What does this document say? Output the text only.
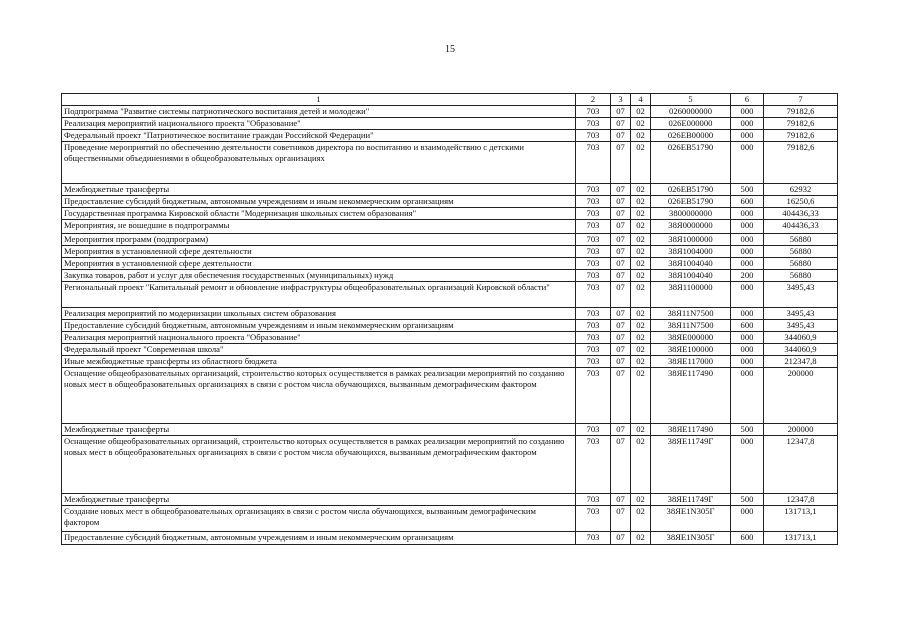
15
1	2	3	4	5	6	7
Подпрограмма "Развитие системы патриотического воспитания детей и молодежи"	703	07	02	0260000000	000	79182,6
Реализация мероприятий национального проекта "Образование"	703	07	02	026E000000	000	79182,6
Федеральный проект "Патриотическое воспитание граждан Российской Федерации"	703	07	02	026EB00000	000	79182,6
Проведение мероприятий по обеспечению деятельности советников директора по воспитанию и взаимодействию с детскими общественными объединениями в общеобразовательных организациях	703	07	02	026EB51790	000	79182,6
Межбюджетные трансферты	703	07	02	026EB51790	500	62932
Предоставление субсидий бюджетным, автономным учреждениям и иным некоммерческим организациям	703	07	02	026EB51790	600	16250,6
Государственная программа Кировской области "Модернизация школьных систем образования"	703	07	02	3800000000	000	404436,33
Мероприятия, не вошедшие в подпрограммы	703	07	02	38Я0000000	000	404436,33
Мероприятия программ (подпрограмм)	703	07	02	38Я1000000	000	56880
Мероприятия в установленной сфере деятельности	703	07	02	38Я1004000	000	56880
Мероприятия в установленной сфере деятельности	703	07	02	38Я1004040	000	56880
Закупка товаров, работ и услуг для обеспечения государственных (муниципальных) нужд	703	07	02	38Я1004040	200	56880
Региональный проект "Капитальный ремонт и обновление инфраструктуры общеобразовательных организаций Кировской области"	703	07	02	38Я1100000	000	3495,43
Реализация мероприятий по модернизации школьных систем образования	703	07	02	38Я11N7500	000	3495,43
Предоставление субсидий бюджетным, автономным учреждениям и иным некоммерческим организациям	703	07	02	38Я11N7500	600	3495,43
Реализация мероприятий национального проекта "Образование"	703	07	02	38ЯE000000	000	344060,9
Федеральный проект "Современная школа"	703	07	02	38ЯE100000	000	344060,9
Иные межбюджетные трансферты из областного бюджета	703	07	02	38ЯE117000	000	212347,8
Оснащение общеобразовательных организаций, строительство которых осуществляется в рамках реализации мероприятий по созданию новых мест в общеобразовательных организациях в связи с ростом числа обучающихся, вызванным демографическим фактором	703	07	02	38ЯE117490	000	200000
Межбюджетные трансферты	703	07	02	38ЯE117490	500	200000
Оснащение общеобразовательных организаций, строительство которых осуществляется в рамках реализации мероприятий по созданию новых мест в общеобразовательных организациях в связи с ростом числа обучающихся, вызванным демографическим фактором	703	07	02	38ЯE11749Г	000	12347,8
Межбюджетные трансферты	703	07	02	38ЯE11749Г	500	12347,8
Создание новых мест в общеобразовательных организациях в связи с ростом числа обучающихся, вызванным демографическим фактором	703	07	02	38ЯE1N305Г	000	131713,1
Предоставление субсидий бюджетным, автономным учреждениям и иным некоммерческим организациям	703	07	02	38ЯE1N305Г	600	131713,1
